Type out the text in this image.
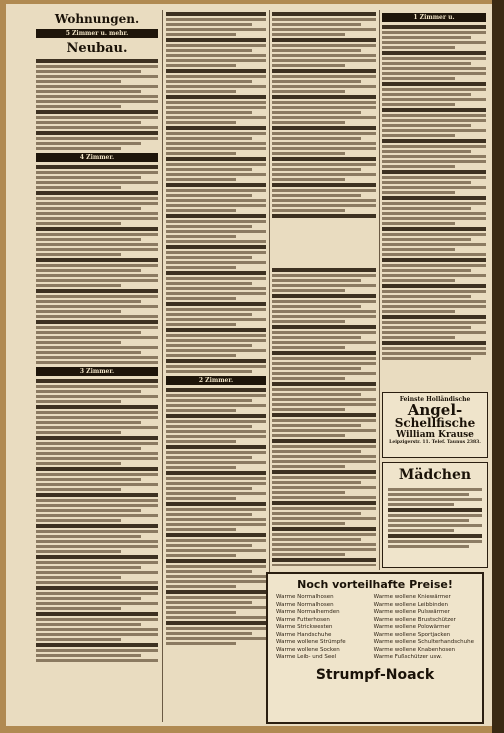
Wohnungen.
5 Zimmer u. mehr.
Neubau.
4 Zimmer.
3 Zimmer.
2 Zimmer.
1 Zimmer u.
Feinste Holländische
Angel-
Schellfische
William Krause
Leipzigerstr. 11. Telef. Taunus 2383.
Mädchen
Noch vorteilhafte Preise!
Warme Normalhosen
Warme Normalhosen
Warme Normalhemden
Warme Futterhosen
Warme Strickwesten
Warme Handschuhe
Warme wollene Strümpfe
Warme wollene Socken
Warme Leib- und Seel
Warme wollene Kniewärmer
Warme wollene Leibbinden
Warme wollene Pulswärmer
Warme wollene Brustschützer
Warme wollene Polowärmer
Warme wollene Sportjacken
Warme wollene Schulterhandschuhe
Warme wollene Knabenhosen
Warme Fußschützer usw.
Strumpf-Noack
